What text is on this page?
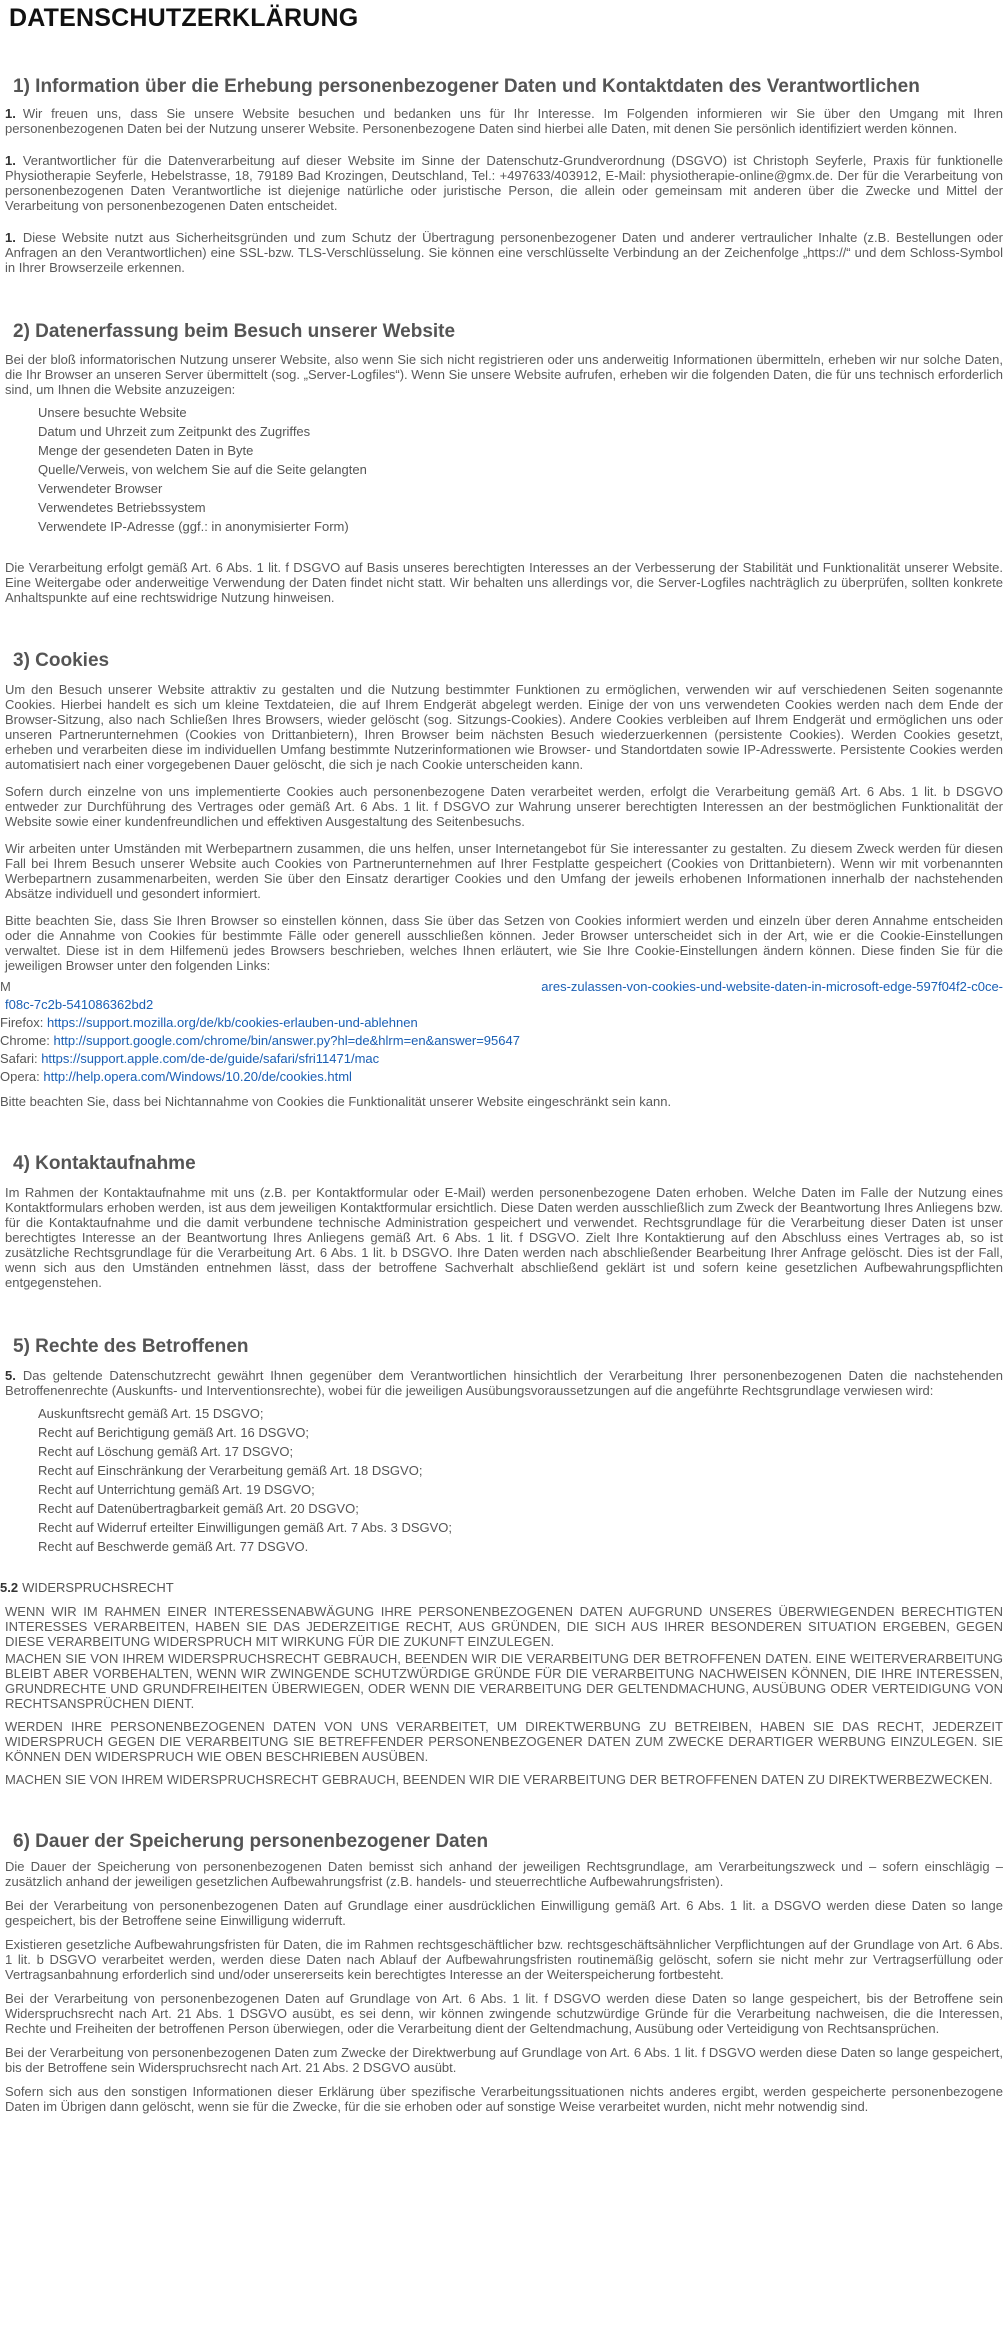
DATENSCHUTZERKLÄRUNG
1) Information über die Erhebung personenbezogener Daten und Kontaktdaten des Verantwortlichen

1. Wir freuen uns, dass Sie unsere Website besuchen und bedanken uns für Ihr Interesse. Im Folgenden informieren wir Sie über den Umgang mit Ihren personenbezogenen Daten bei der Nutzung unserer Website. Personenbezogene Daten sind hierbei alle Daten, mit denen Sie persönlich identifiziert werden können.

1. Verantwortlicher für die Datenverarbeitung auf dieser Website im Sinne der Datenschutz-Grundverordnung (DSGVO) ist Christoph Seyferle, Praxis für funktionelle Physiotherapie Seyferle, Hebelstrasse, 18, 79189 Bad Krozingen, Deutschland, Tel.: +497633/403912, E-Mail: physiotherapie-online@gmx.de. Der für die Verarbeitung von personenbezogenen Daten Verantwortliche ist diejenige natürliche oder juristische Person, die allein oder gemeinsam mit anderen über die Zwecke und Mittel der Verarbeitung von personenbezogenen Daten entscheidet.

1. Diese Website nutzt aus Sicherheitsgründen und zum Schutz der Übertragung personenbezogener Daten und anderer vertraulicher Inhalte (z.B. Bestellungen oder Anfragen an den Verantwortlichen) eine SSL-bzw. TLS-Verschlüsselung. Sie können eine verschlüsselte Verbindung an der Zeichenfolge „https://“ und dem Schloss-Symbol in Ihrer Browserzeile erkennen.

2) Datenerfassung beim Besuch unserer Website

Bei der bloß informatorischen Nutzung unserer Website, also wenn Sie sich nicht registrieren oder uns anderweitig Informationen übermitteln, erheben wir nur solche Daten, die Ihr Browser an unseren Server übermittelt (sog. „Server-Logfiles“). Wenn Sie unsere Website aufrufen, erheben wir die folgenden Daten, die für uns technisch erforderlich sind, um Ihnen die Website anzuzeigen:

Unsere besuchte Website
Datum und Uhrzeit zum Zeitpunkt des Zugriffes
Menge der gesendeten Daten in Byte
Quelle/Verweis, von welchem Sie auf die Seite gelangten
Verwendeter Browser
Verwendetes Betriebssystem
Verwendete IP-Adresse (ggf.: in anonymisierter Form)

Die Verarbeitung erfolgt gemäß Art. 6 Abs. 1 lit. f DSGVO auf Basis unseres berechtigten Interesses an der Verbesserung der Stabilität und Funktionalität unserer Website. Eine Weitergabe oder anderweitige Verwendung der Daten findet nicht statt. Wir behalten uns allerdings vor, die Server-Logfiles nachträglich zu überprüfen, sollten konkrete Anhaltspunkte auf eine rechtswidrige Nutzung hinweisen.

3) Cookies

Um den Besuch unserer Website attraktiv zu gestalten und die Nutzung bestimmter Funktionen zu ermöglichen, verwenden wir auf verschiedenen Seiten sogenannte Cookies. Hierbei handelt es sich um kleine Textdateien, die auf Ihrem Endgerät abgelegt werden. Einige der von uns verwendeten Cookies werden nach dem Ende der Browser-Sitzung, also nach Schließen Ihres Browsers, wieder gelöscht (sog. Sitzungs-Cookies). Andere Cookies verbleiben auf Ihrem Endgerät und ermöglichen uns oder unseren Partnerunternehmen (Cookies von Drittanbietern), Ihren Browser beim nächsten Besuch wiederzuerkennen (persistente Cookies). Werden Cookies gesetzt, erheben und verarbeiten diese im individuellen Umfang bestimmte Nutzerinformationen wie Browser- und Standortdaten sowie IP-Adresswerte. Persistente Cookies werden automatisiert nach einer vorgegebenen Dauer gelöscht, die sich je nach Cookie unterscheiden kann.

Sofern durch einzelne von uns implementierte Cookies auch personenbezogene Daten verarbeitet werden, erfolgt die Verarbeitung gemäß Art. 6 Abs. 1 lit. b DSGVO entweder zur Durchführung des Vertrages oder gemäß Art. 6 Abs. 1 lit. f DSGVO zur Wahrung unserer berechtigten Interessen an der bestmöglichen Funktionalität der Website sowie einer kundenfreundlichen und effektiven Ausgestaltung des Seitenbesuchs.

Wir arbeiten unter Umständen mit Werbepartnern zusammen, die uns helfen, unser Internetangebot für Sie interessanter zu gestalten. Zu diesem Zweck werden für diesen Fall bei Ihrem Besuch unserer Website auch Cookies von Partnerunternehmen auf Ihrer Festplatte gespeichert (Cookies von Drittanbietern). Wenn wir mit vorbenannten Werbepartnern zusammenarbeiten, werden Sie über den Einsatz derartiger Cookies und den Umfang der jeweils erhobenen Informationen innerhalb der nachstehenden Absätze individuell und gesondert informiert.

Bitte beachten Sie, dass Sie Ihren Browser so einstellen können, dass Sie über das Setzen von Cookies informiert werden und einzeln über deren Annahme entscheiden oder die Annahme von Cookies für bestimmte Fälle oder generell ausschließen können. Jeder Browser unterscheidet sich in der Art, wie er die Cookie-Einstellungen verwaltet. Diese ist in dem Hilfemenü jedes Browsers beschrieben, welches Ihnen erläutert, wie Sie Ihre Cookie-Einstellungen ändern können. Diese finden Sie für die jeweiligen Browser unter den folgenden Links:

M	ares-zulassen-von-cookies-und-website-daten-in-microsoft-edge-597f04f2-c0ce-
f08c-7c2b-541086362bd2
Firefox: https://support.mozilla.org/de/kb/cookies-erlauben-und-ablehnen
Chrome: http://support.google.com/chrome/bin/answer.py?hl=de&hlrm=en&answer=95647
Safari: https://support.apple.com/de-de/guide/safari/sfri11471/mac
Opera: http://help.opera.com/Windows/10.20/de/cookies.html

Bitte beachten Sie, dass bei Nichtannahme von Cookies die Funktionalität unserer Website eingeschränkt sein kann.

4) Kontaktaufnahme

Im Rahmen der Kontaktaufnahme mit uns (z.B. per Kontaktformular oder E-Mail) werden personenbezogene Daten erhoben. Welche Daten im Falle der Nutzung eines Kontaktformulars erhoben werden, ist aus dem jeweiligen Kontaktformular ersichtlich. Diese Daten werden ausschließlich zum Zweck der Beantwortung Ihres Anliegens bzw. für die Kontaktaufnahme und die damit verbundene technische Administration gespeichert und verwendet. Rechtsgrundlage für die Verarbeitung dieser Daten ist unser berechtigtes Interesse an der Beantwortung Ihres Anliegens gemäß Art. 6 Abs. 1 lit. f DSGVO. Zielt Ihre Kontaktierung auf den Abschluss eines Vertrages ab, so ist zusätzliche Rechtsgrundlage für die Verarbeitung Art. 6 Abs. 1 lit. b DSGVO. Ihre Daten werden nach abschließender Bearbeitung Ihrer Anfrage gelöscht. Dies ist der Fall, wenn sich aus den Umständen entnehmen lässt, dass der betroffene Sachverhalt abschließend geklärt ist und sofern keine gesetzlichen Aufbewahrungspflichten entgegenstehen.

5) Rechte des Betroffenen

5. Das geltende Datenschutzrecht gewährt Ihnen gegenüber dem Verantwortlichen hinsichtlich der Verarbeitung Ihrer personenbezogenen Daten die nachstehenden Betroffenenrechte (Auskunfts- und Interventionsrechte), wobei für die jeweiligen Ausübungsvoraussetzungen auf die angeführte Rechtsgrundlage verwiesen wird:

Auskunftsrecht gemäß Art. 15 DSGVO;
Recht auf Berichtigung gemäß Art. 16 DSGVO;
Recht auf Löschung gemäß Art. 17 DSGVO;
Recht auf Einschränkung der Verarbeitung gemäß Art. 18 DSGVO;
Recht auf Unterrichtung gemäß Art. 19 DSGVO;
Recht auf Datenübertragbarkeit gemäß Art. 20 DSGVO;
Recht auf Widerruf erteilter Einwilligungen gemäß Art. 7 Abs. 3 DSGVO;
Recht auf Beschwerde gemäß Art. 77 DSGVO.
5.2 WIDERSPRUCHSRECHT

WENN WIR IM RAHMEN EINER INTERESSENABWÄGUNG IHRE PERSONENBEZOGENEN DATEN AUFGRUND UNSERES ÜBERWIEGENDEN BERECHTIGTEN INTERESSES VERARBEITEN, HABEN SIE DAS JEDERZEITIGE RECHT, AUS GRÜNDEN, DIE SICH AUS IHRER BESONDEREN SITUATION ERGEBEN, GEGEN DIESE VERARBEITUNG WIDERSPRUCH MIT WIRKUNG FÜR DIE ZUKUNFT EINZULEGEN.

MACHEN SIE VON IHREM WIDERSPRUCHSRECHT GEBRAUCH, BEENDEN WIR DIE VERARBEITUNG DER BETROFFENEN DATEN. EINE WEITERVERARBEITUNG BLEIBT ABER VORBEHALTEN, WENN WIR ZWINGENDE SCHUTZWÜRDIGE GRÜNDE FÜR DIE VERARBEITUNG NACHWEISEN KÖNNEN, DIE IHRE INTERESSEN, GRUNDRECHTE UND GRUNDFREIHEITEN ÜBERWIEGEN, ODER WENN DIE VERARBEITUNG DER GELTENDMACHUNG, AUSÜBUNG ODER VERTEIDIGUNG VON RECHTSANSPRÜCHEN DIENT.

WERDEN IHRE PERSONENBEZOGENEN DATEN VON UNS VERARBEITET, UM DIREKTWERBUNG ZU BETREIBEN, HABEN SIE DAS RECHT, JEDERZEIT WIDERSPRUCH GEGEN DIE VERARBEITUNG SIE BETREFFENDER PERSONENBEZOGENER DATEN ZUM ZWECKE DERARTIGER WERBUNG EINZULEGEN. SIE KÖNNEN DEN WIDERSPRUCH WIE OBEN BESCHRIEBEN AUSÜBEN.

MACHEN SIE VON IHREM WIDERSPRUCHSRECHT GEBRAUCH, BEENDEN WIR DIE VERARBEITUNG DER BETROFFENEN DATEN ZU DIREKTWERBEZWECKEN.

6) Dauer der Speicherung personenbezogener Daten

Die Dauer der Speicherung von personenbezogenen Daten bemisst sich anhand der jeweiligen Rechtsgrundlage, am Verarbeitungszweck und – sofern einschlägig – zusätzlich anhand der jeweiligen gesetzlichen Aufbewahrungsfrist (z.B. handels- und steuerrechtliche Aufbewahrungsfristen).

Bei der Verarbeitung von personenbezogenen Daten auf Grundlage einer ausdrücklichen Einwilligung gemäß Art. 6 Abs. 1 lit. a DSGVO werden diese Daten so lange gespeichert, bis der Betroffene seine Einwilligung widerruft.

Existieren gesetzliche Aufbewahrungsfristen für Daten, die im Rahmen rechtsgeschäftlicher bzw. rechtsgeschäftsähnlicher Verpflichtungen auf der Grundlage von Art. 6 Abs. 1 lit. b DSGVO verarbeitet werden, werden diese Daten nach Ablauf der Aufbewahrungsfristen routinemäßig gelöscht, sofern sie nicht mehr zur Vertragserfüllung oder Vertragsanbahnung erforderlich sind und/oder unsererseits kein berechtigtes Interesse an der Weiterspeicherung fortbesteht.

Bei der Verarbeitung von personenbezogenen Daten auf Grundlage von Art. 6 Abs. 1 lit. f DSGVO werden diese Daten so lange gespeichert, bis der Betroffene sein Widerspruchsrecht nach Art. 21 Abs. 1 DSGVO ausübt, es sei denn, wir können zwingende schutzwürdige Gründe für die Verarbeitung nachweisen, die die Interessen, Rechte und Freiheiten der betroffenen Person überwiegen, oder die Verarbeitung dient der Geltendmachung, Ausübung oder Verteidigung von Rechtsansprüchen.

Bei der Verarbeitung von personenbezogenen Daten zum Zwecke der Direktwerbung auf Grundlage von Art. 6 Abs. 1 lit. f DSGVO werden diese Daten so lange gespeichert, bis der Betroffene sein Widerspruchsrecht nach Art. 21 Abs. 2 DSGVO ausübt.

Sofern sich aus den sonstigen Informationen dieser Erklärung über spezifische Verarbeitungssituationen nichts anderes ergibt, werden gespeicherte personenbezogene Daten im Übrigen dann gelöscht, wenn sie für die Zwecke, für die sie erhoben oder auf sonstige Weise verarbeitet wurden, nicht mehr notwendig sind.
